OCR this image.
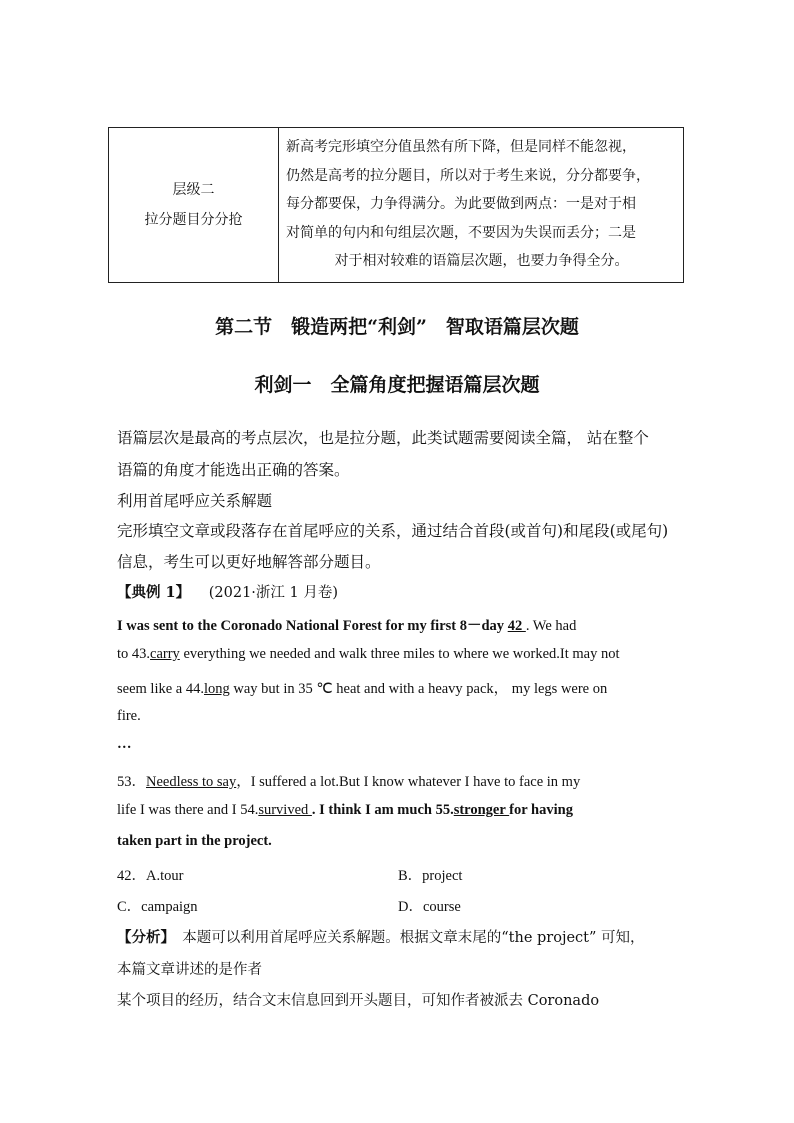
层级二
拉分题目分分抢

新高考完形填空分值虽然有所下降，但是同样不能忽视，

仍然是高考的拉分题目，所以对于考生来说，分分都要争，

每分都要保，力争得满分。为此要做到两点：一是对于相

对简单的句内和句组层次题，不要因为失误而丢分；二是

对于相对较难的语篇层次题，也要力争得全分。

第二节　锻造两把“利剑”　智取语篇层次题
利剑一　全篇角度把握语篇层次题
语篇层次是最高的考点层次，也是拉分题，此类试题需要阅读全篇， 站在整个
语篇的角度才能选出正确的答案。
利用首尾呼应关系解题
完形填空文章或段落存在首尾呼应的关系，通过结合首段(或首句)和尾段(或尾句)
信息，考生可以更好地解答部分题目。
【典例 1】 (2021·浙江 1 月卷)
I was sent to the Coronado National Forest for my first 8－day 42 . We had
to 43.carry everything we needed and walk three miles to where we worked.It may not
seem like a 44.long way but in 35 ℃ heat and with a heavy pack， my legs were on
fire.
…
53．Needless to say，I suffered a lot.But I know whatever I have to face in my
life I was there and I 54.survived . I think I am much 55.stronger for having
taken part in the project.
42．A.tour	B．project
C．campaign	D．course
【分析】　本题可以利用首尾呼应关系解题。根据文章末尾的“the project” 可知，
本篇文章讲述的是作者
某个项目的经历，结合文末信息回到开头题目，可知作者被派去 Coronado
